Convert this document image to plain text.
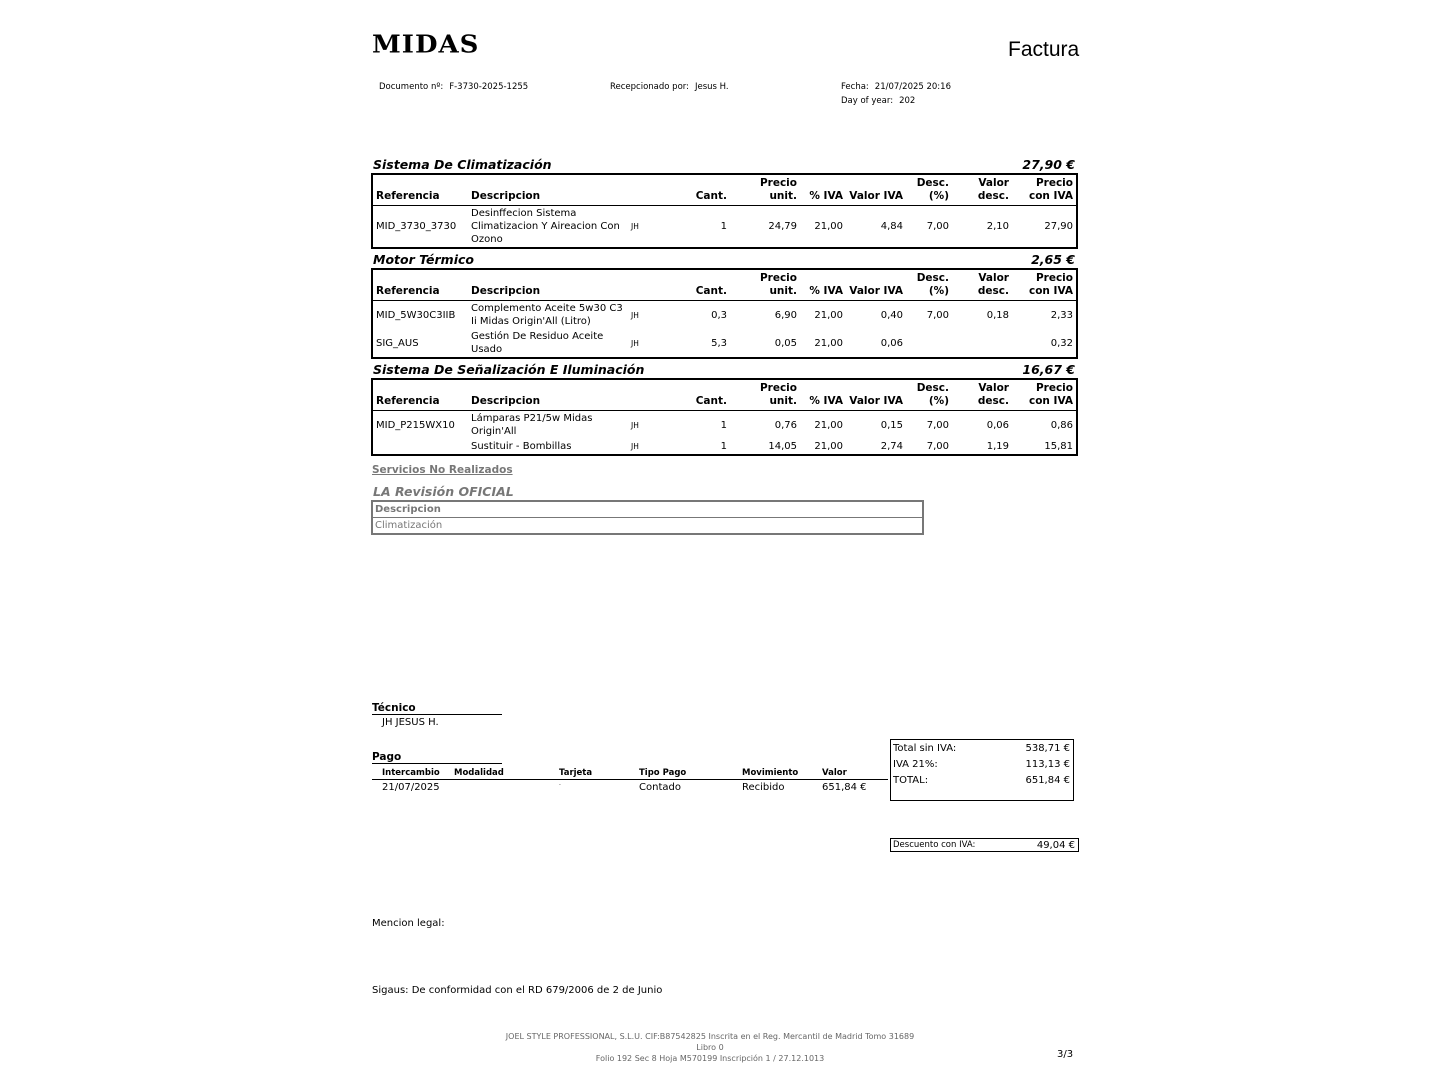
MIDAS	Factura
Documento nº: F-3730-2025-1255	Recepcionado por: Jesus H.	Fecha: 21/07/2025 20:16
Day of year: 202
Sistema De Climatización	27,90 €
Referencia	Descripcion		Cant.	Precio unit.	% IVA	Valor IVA	Desc. (%)	Valor desc.	Precio con IVA
MID_3730_3730	Desinffecion Sistema Climatizacion Y Aireacion Con Ozono	JH	1	24,79	21,00	4,84	7,00	2,10	27,90
Motor Térmico	2,65 €
Referencia	Descripcion		Cant.	Precio unit.	% IVA	Valor IVA	Desc. (%)	Valor desc.	Precio con IVA
MID_5W30C3IIB	Complemento Aceite 5w30 C3 Ii Midas Origin'All (Litro)	JH	0,3	6,90	21,00	0,40	7,00	0,18	2,33
SIG_AUS	Gestión De Residuo Aceite Usado	JH	5,3	0,05	21,00	0,06			0,32
Sistema De Señalización E Iluminación	16,67 €
Referencia	Descripcion		Cant.	Precio unit.	% IVA	Valor IVA	Desc. (%)	Valor desc.	Precio con IVA
MID_P215WX10	Lámparas P21/5w Midas Origin'All	JH	1	0,76	21,00	0,15	7,00	0,06	0,86
	Sustituir - Bombillas	JH	1	14,05	21,00	2,74	7,00	1,19	15,81
Servicios No Realizados
LA Revisión OFICIAL
Descripcion
Climatización
Técnico
JH JESUS H.
Pago
Intercambio	Modalidad	Tarjeta	Tipo Pago	Movimiento	Valor
21/07/2025		·	Contado	Recibido	651,84 €
Total sin IVA:	538,71 €
IVA 21%:	113,13 €
TOTAL:	651,84 €
Descuento con IVA:	49,04 €
Mencion legal:
Sigaus: De conformidad con el RD 679/2006 de 2 de Junio
JOEL STYLE PROFESSIONAL, S.L.U. CIF:B87542825 Inscrita en el Reg. Mercantil de Madrid Tomo 31689
Libro 0
Folio 192 Sec 8 Hoja M570199 Inscripción 1 / 27.12.1013	3/3
